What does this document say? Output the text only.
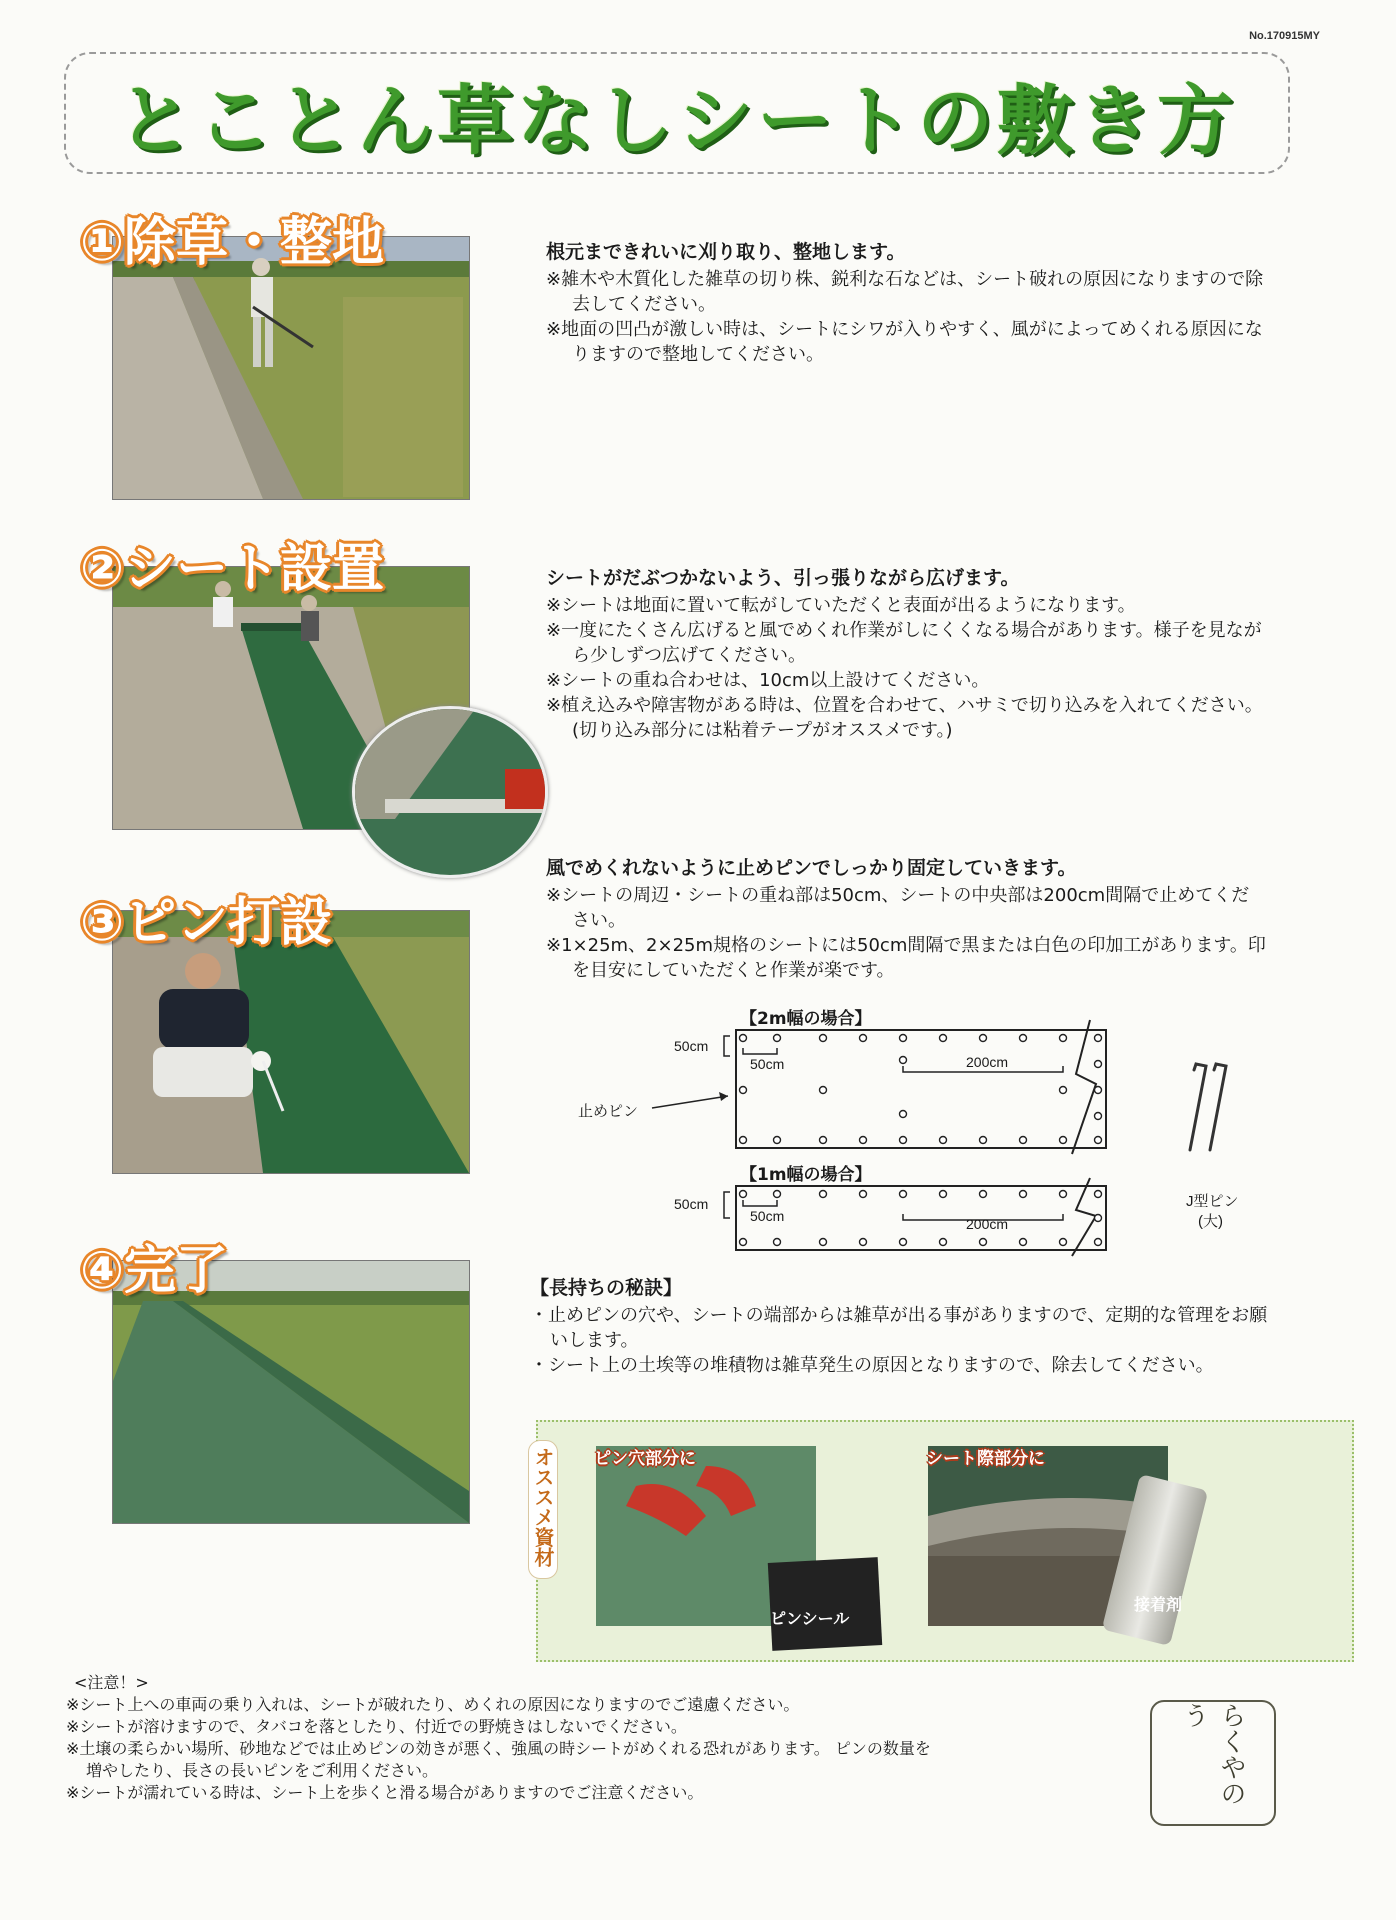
No.170915MY
とことん草なしシートの敷き方
①除草・整地	根元まできれいに刈り取り、整地します。

※雑木や木質化した雑草の切り株、鋭利な石などは、シート破れの原因になりますので除去してください。

※地面の凹凸が激しい時は、シートにシワが入りやすく、風がによってめくれる原因になりますので整地してください。

②シート設置	シートがだぶつかないよう、引っ張りながら広げます。

※シートは地面に置いて転がしていただくと表面が出るようになります。

※一度にたくさん広げると風でめくれ作業がしにくくなる場合があります。様子を見ながら少しずつ広げてください。

※シートの重ね合わせは、10cm以上設けてください。

※植え込みや障害物がある時は、位置を合わせて、ハサミで切り込みを入れてください。(切り込み部分には粘着テープがオススメです。)

③ピン打設

風でめくれないように止めピンでしっかり固定していきます。

※シートの周辺・シートの重ね部は50cm、シートの中央部は200cm間隔で止めてください。

※1×25m、2×25m規格のシートには50cm間隔で黒または白色の印加工があります。印を目安にしていただくと作業が楽です。

【2m幅の場合】
【1m幅の場合】
50cm
50cm	200cm
50cm
50cm	200cm
止めピン
J型ピン
(大)
④完了	【長持ちの秘訣】

・止めピンの穴や、シートの端部からは雑草が出る事がありますので、定期的な管理をお願いします。

・シート上の土埃等の堆積物は雑草発生の原因となりますので、除去してください。

オススメ資材
ピンシール
ピン穴部分に
接着剤
シート際部分に

<注意！>

※シート上への車両の乗り入れは、シートが破れたり、めくれの原因になりますのでご遠慮ください。

※シートが溶けますので、タバコを落としたり、付近での野焼きはしないでください。

※土壌の柔らかい場所、砂地などでは止めピンの効きが悪く、強風の時シートがめくれる恐れがあります。 ピンの数量を増やしたり、長さの長いピンをご利用ください。

※シートが濡れている時は、シート上を歩くと滑る場合がありますのでご注意ください。	らくやのう
